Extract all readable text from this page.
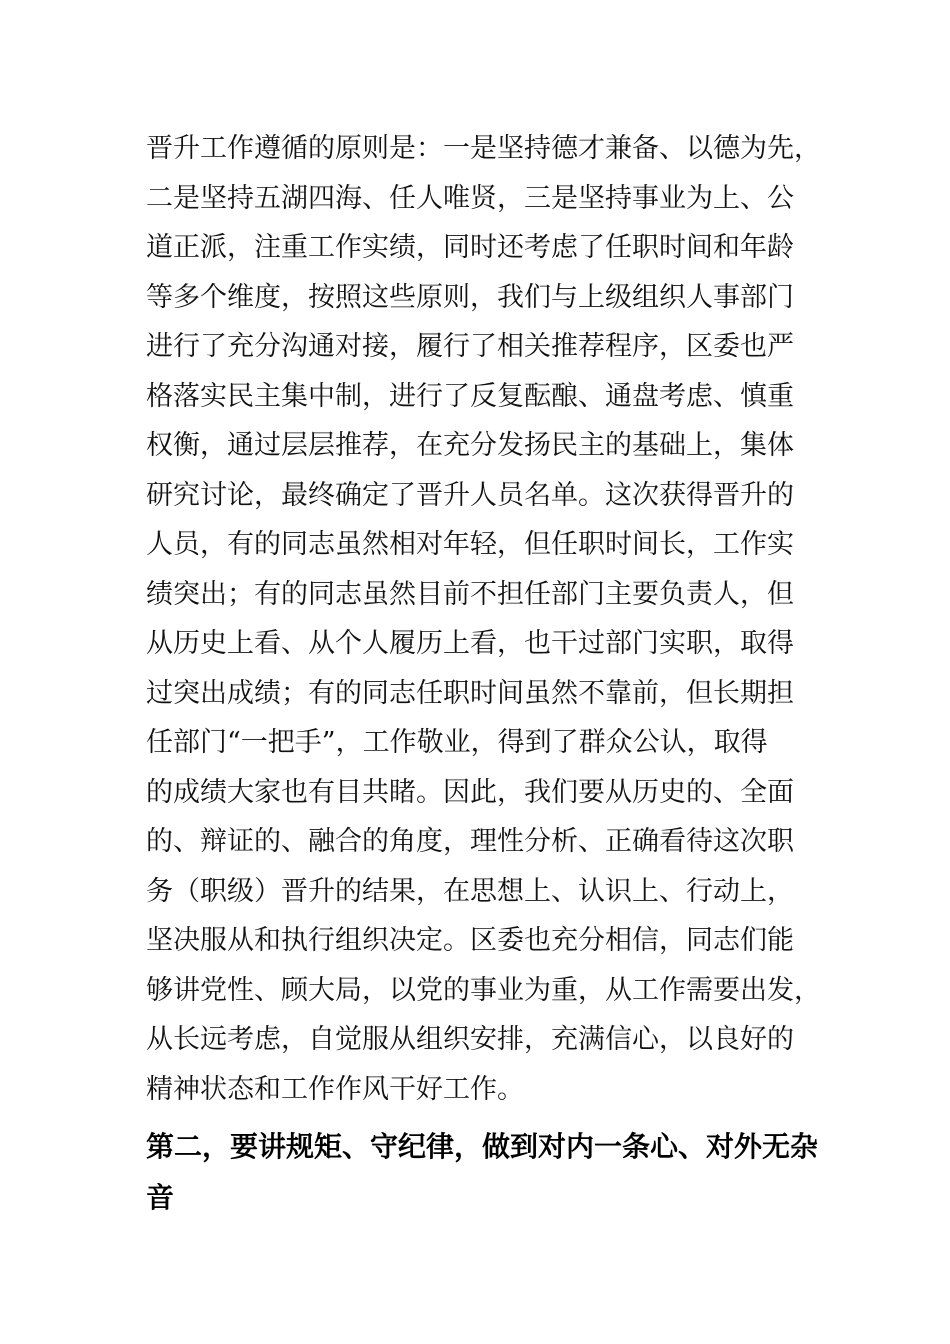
晋升工作遵循的原则是：一是坚持德才兼备、以德为先，
二是坚持五湖四海、任人唯贤，三是坚持事业为上、公
道正派，注重工作实绩，同时还考虑了任职时间和年龄
等多个维度，按照这些原则，我们与上级组织人事部门
进行了充分沟通对接，履行了相关推荐程序，区委也严
格落实民主集中制，进行了反复酝酿、通盘考虑、慎重
权衡，通过层层推荐，在充分发扬民主的基础上，集体
研究讨论，最终确定了晋升人员名单。这次获得晋升的
人员，有的同志虽然相对年轻，但任职时间长，工作实
绩突出；有的同志虽然目前不担任部门主要负责人，但
从历史上看、从个人履历上看，也干过部门实职，取得
过突出成绩；有的同志任职时间虽然不靠前，但长期担
任部门“一把手”，工作敬业，得到了群众公认，取得
的成绩大家也有目共睹。因此，我们要从历史的、全面
的、辩证的、融合的角度，理性分析、正确看待这次职
务（职级）晋升的结果，在思想上、认识上、行动上，
坚决服从和执行组织决定。区委也充分相信，同志们能
够讲党性、顾大局，以党的事业为重，从工作需要出发，
从长远考虑，自觉服从组织安排，充满信心，以良好的
精神状态和工作作风干好工作。
第二，要讲规矩、守纪律，做到对内一条心、对外无杂
音
